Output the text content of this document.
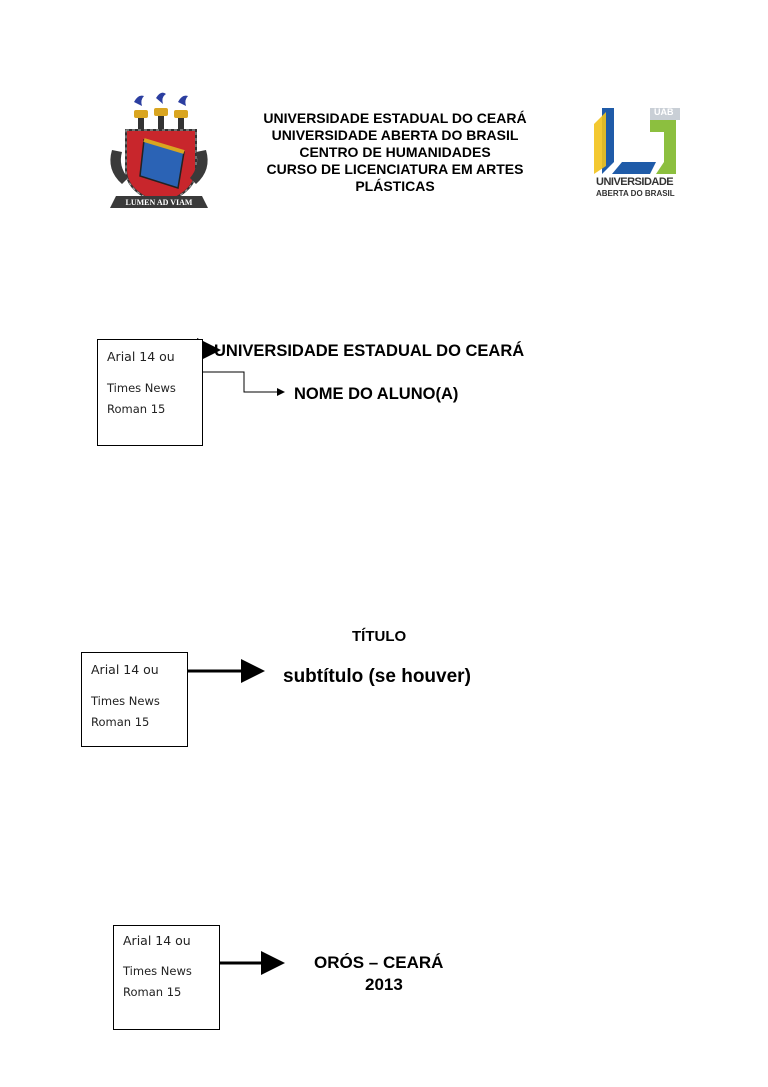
LUMEN AD VIAM
UNIVERSIDADE ESTADUAL DO CEARÁ
UNIVERSIDADE ABERTA DO BRASIL
CENTRO DE HUMANIDADES
CURSO DE LICENCIATURA EM ARTES
PLÁSTICAS
UAB
UNIVERSIDADE
ABERTA DO BRASIL
Arial 14 ou
Times News
Roman 15
UNIVERSIDADE ESTADUAL DO CEARÁ
NOME DO ALUNO(A)
TÍTULO
Arial 14 ou
Times News
Roman 15
subtítulo (se houver)
Arial 14 ou
Times News
Roman 15
ORÓS – CEARÁ
2013
